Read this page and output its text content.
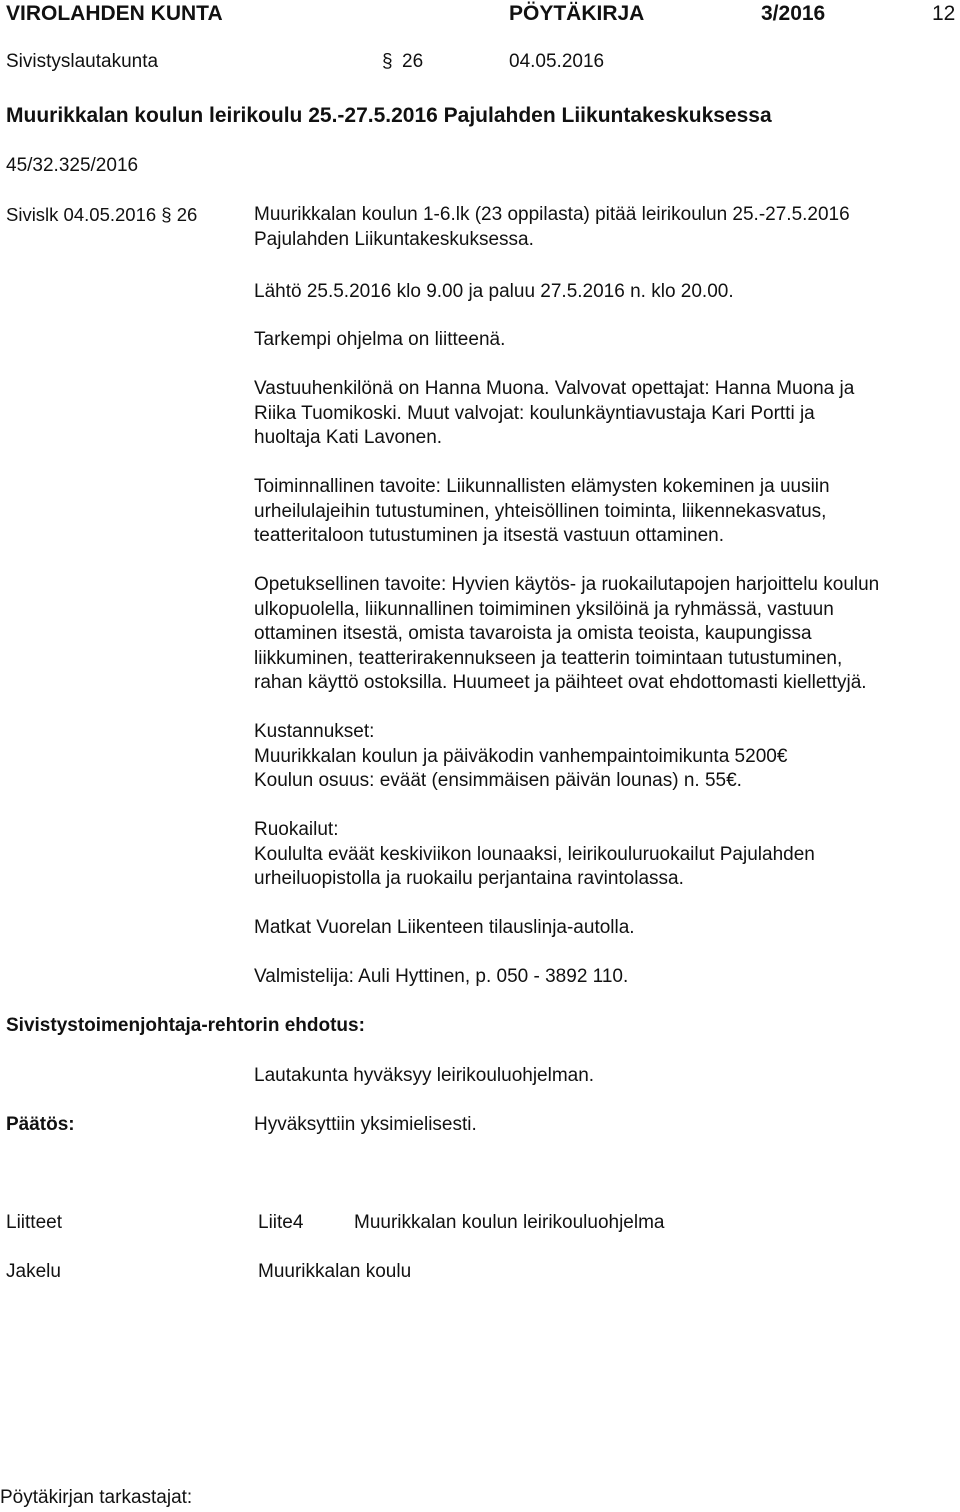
VIROLAHDEN KUNTA	PÖYTÄKIRJA	3/2016	12
Sivistyslautakunta	§ 26	04.05.2016
Muurikkalan koulun leirikoulu 25.-27.5.2016 Pajulahden Liikuntakeskuksessa
45/32.325/2016
Sivislk 04.05.2016 § 26	Muurikkalan koulun 1-6.lk (23 oppilasta) pitää leirikoulun 25.-27.5.2016
Pajulahden Liikuntakeskuksessa.
Lähtö 25.5.2016 klo 9.00 ja paluu 27.5.2016 n. klo 20.00.
Tarkempi ohjelma on liitteenä.
Vastuuhenkilönä on Hanna Muona. Valvovat opettajat: Hanna Muona ja
Riika Tuomikoski. Muut valvojat: koulunkäyntiavustaja Kari Portti ja
huoltaja Kati Lavonen.
Toiminnallinen tavoite: Liikunnallisten elämysten kokeminen ja uusiin
urheilulajeihin tutustuminen, yhteisöllinen toiminta, liikennekasvatus,
teatteritaloon tutustuminen ja itsestä vastuun ottaminen.
Opetuksellinen tavoite: Hyvien käytös- ja ruokailutapojen harjoittelu koulun
ulkopuolella, liikunnallinen toimiminen yksilöinä ja ryhmässä, vastuun
ottaminen itsestä, omista tavaroista ja omista teoista, kaupungissa
liikkuminen, teatterirakennukseen ja teatterin toimintaan tutustuminen,
rahan käyttö ostoksilla. Huumeet ja päihteet ovat ehdottomasti kiellettyjä.
Kustannukset:
Muurikkalan koulun ja päiväkodin vanhempaintoimikunta 5200€
Koulun osuus: eväät (ensimmäisen päivän lounas) n. 55€.
Ruokailut:
Koululta eväät keskiviikon lounaaksi, leirikouluruokailut Pajulahden
urheiluopistolla ja ruokailu perjantaina ravintolassa.
Matkat Vuorelan Liikenteen tilauslinja-autolla.
Valmistelija: Auli Hyttinen, p. 050 - 3892 110.
Sivistystoimenjohtaja-rehtorin ehdotus:
Lautakunta hyväksyy leirikouluohjelman.
Päätös:	Hyväksyttiin yksimielisesti.
Liitteet	Liite4	Muurikkalan koulun leirikouluohjelma
Jakelu	Muurikkalan koulu
Pöytäkirjan tarkastajat:
